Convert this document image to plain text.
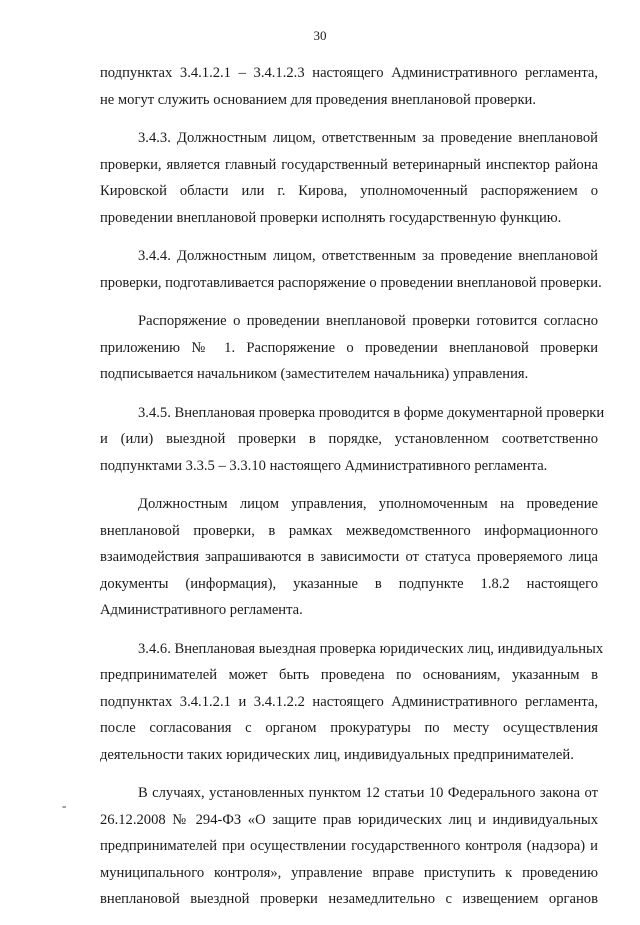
30
подпунктах 3.4.1.2.1 – 3.4.1.2.3 настоящего Административного регламента,
не могут служить основанием для проведения внеплановой проверки.
3.4.3. Должностным лицом, ответственным за проведение внеплановой
проверки, является главный государственный ветеринарный инспектор района
Кировской области или г. Кирова, уполномоченный распоряжением о
проведении внеплановой проверки исполнять государственную функцию.
3.4.4. Должностным лицом, ответственным за проведение внеплановой
проверки, подготавливается распоряжение о проведении внеплановой проверки.
Распоряжение о проведении внеплановой проверки готовится согласно
приложению № 1. Распоряжение о проведении внеплановой проверки
подписывается начальником (заместителем начальника) управления.
3.4.5. Внеплановая проверка проводится в форме документарной проверки
и (или) выездной проверки в порядке, установленном соответственно
подпунктами 3.3.5 – 3.3.10 настоящего Административного регламента.
Должностным лицом управления, уполномоченным на проведение
внеплановой проверки, в рамках межведомственного информационного
взаимодействия запрашиваются в зависимости от статуса проверяемого лица
документы (информация), указанные в подпункте 1.8.2 настоящего
Административного регламента.
3.4.6. Внеплановая выездная проверка юридических лиц, индивидуальных
предпринимателей может быть проведена по основаниям, указанным в
подпунктах 3.4.1.2.1 и 3.4.1.2.2 настоящего Административного регламента,
после согласования с органом прокуратуры по месту осуществления
деятельности таких юридических лиц, индивидуальных предпринимателей.
В случаях, установленных пунктом 12 статьи 10 Федерального закона от
26.12.2008 № 294-ФЗ «О защите прав юридических лиц и индивидуальных
предпринимателей при осуществлении государственного контроля (надзора) и
муниципального контроля», управление вправе приступить к проведению
внеплановой выездной проверки незамедлительно с извещением органов
-
